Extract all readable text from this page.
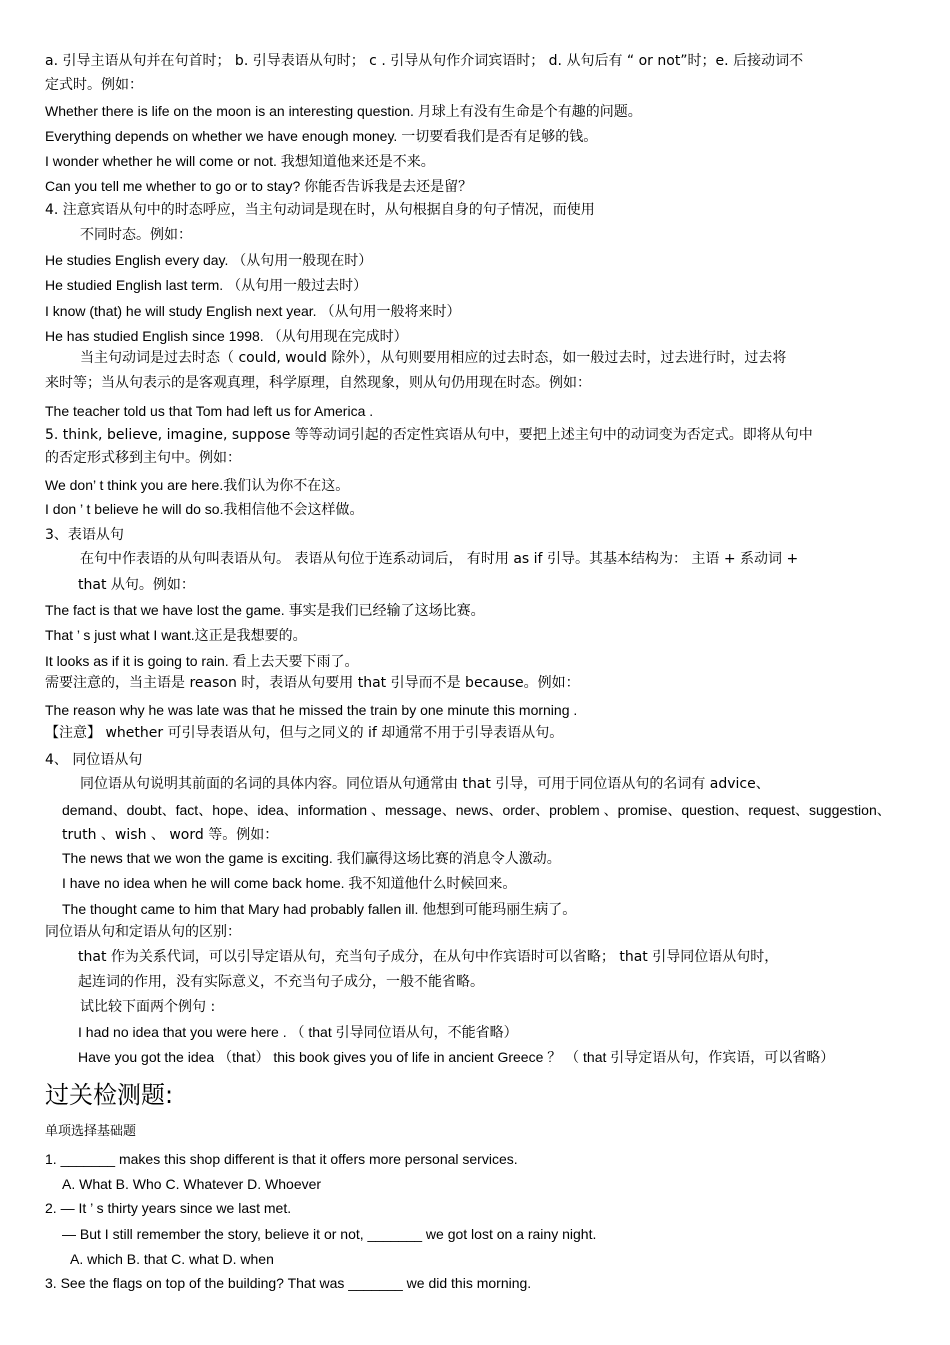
a. 引导主语从句并在句首时； b. 引导表语从句时； c . 引导从句作介词宾语时； d. 从句后有 “ or not”时；e. 后接动词不
定式时。例如：
Whether there is life on the moon is an interesting question. 月球上有没有生命是个有趣的问题。
Everything depends on whether we have enough money. 一切要看我们是否有足够的钱。
I wonder whether he will come or not. 我想知道他来还是不来。
Can you tell me whether to go or to stay? 你能否告诉我是去还是留？
4. 注意宾语从句中的时态呼应，当主句动词是现在时，从句根据自身的句子情况，而使用
不同时态。例如：
He studies English every day. （从句用一般现在时）
He studied English last term. （从句用一般过去时）
I know (that) he will study English next year. （从句用一般将来时）
He has studied English since 1998. （从句用现在完成时）
当主句动词是过去时态（ could, would 除外），从句则要用相应的过去时态，如一般过去时，过去进行时，过去将
来时等；当从句表示的是客观真理，科学原理，自然现象，则从句仍用现在时态。例如：
The teacher told us that Tom had left us for America .
5. think, believe, imagine, suppose 等等动词引起的否定性宾语从句中，要把上述主句中的动词变为否定式。即将从句中
的否定形式移到主句中。例如：
We don’ t think you are here.我们认为你不在这。
I don ’ t believe he will do so.我相信他不会这样做。
3、表语从句
在句中作表语的从句叫表语从句。 表语从句位于连系动词后， 有时用 as if 引导。其基本结构为： 主语 + 系动词 +
that 从句。例如：
The fact is that we have lost the game. 事实是我们已经输了这场比赛。
That ’ s just what I want.这正是我想要的。
It looks as if it is going to rain. 看上去天要下雨了。
需要注意的，当主语是 reason 时，表语从句要用 that 引导而不是 because。例如：
The reason why he was late was that he missed the train by one minute this morning .
【注意】 whether 可引导表语从句，但与之同义的 if 却通常不用于引导表语从句。
4、 同位语从句
同位语从句说明其前面的名词的具体内容。同位语从句通常由 that 引导，可用于同位语从句的名词有 advice、
demand、doubt、fact、hope、idea、information 、message、news、order、problem 、promise、question、request、suggestion、
truth 、wish 、 word 等。例如：
The news that we won the game is exciting. 我们赢得这场比赛的消息令人激动。
I have no idea when he will come back home. 我不知道他什么时候回来。
The thought came to him that Mary had probably fallen ill. 他想到可能玛丽生病了。
同位语从句和定语从句的区别：
that 作为关系代词，可以引导定语从句，充当句子成分，在从句中作宾语时可以省略； that 引导同位语从句时，
起连词的作用，没有实际意义，不充当句子成分，一般不能省略。
试比较下面两个例句 :
I had no idea that you were here . （ that 引导同位语从句，不能省略）
Have you got the idea （that） this book gives you of life in ancient Greece ？ （ that 引导定语从句，作宾语，可以省略）
过关检测题:
单项选择基础题
1. _______ makes this shop different is that it offers more personal services.
A. What B. Who C. Whatever D. Whoever
2. — It ’ s thirty years since we last met.
— But I still remember the story, believe it or not, _______ we got lost on a rainy night.
A. which B. that C. what D. when
3. See the flags on top of the building? That was _______ we did this morning.
